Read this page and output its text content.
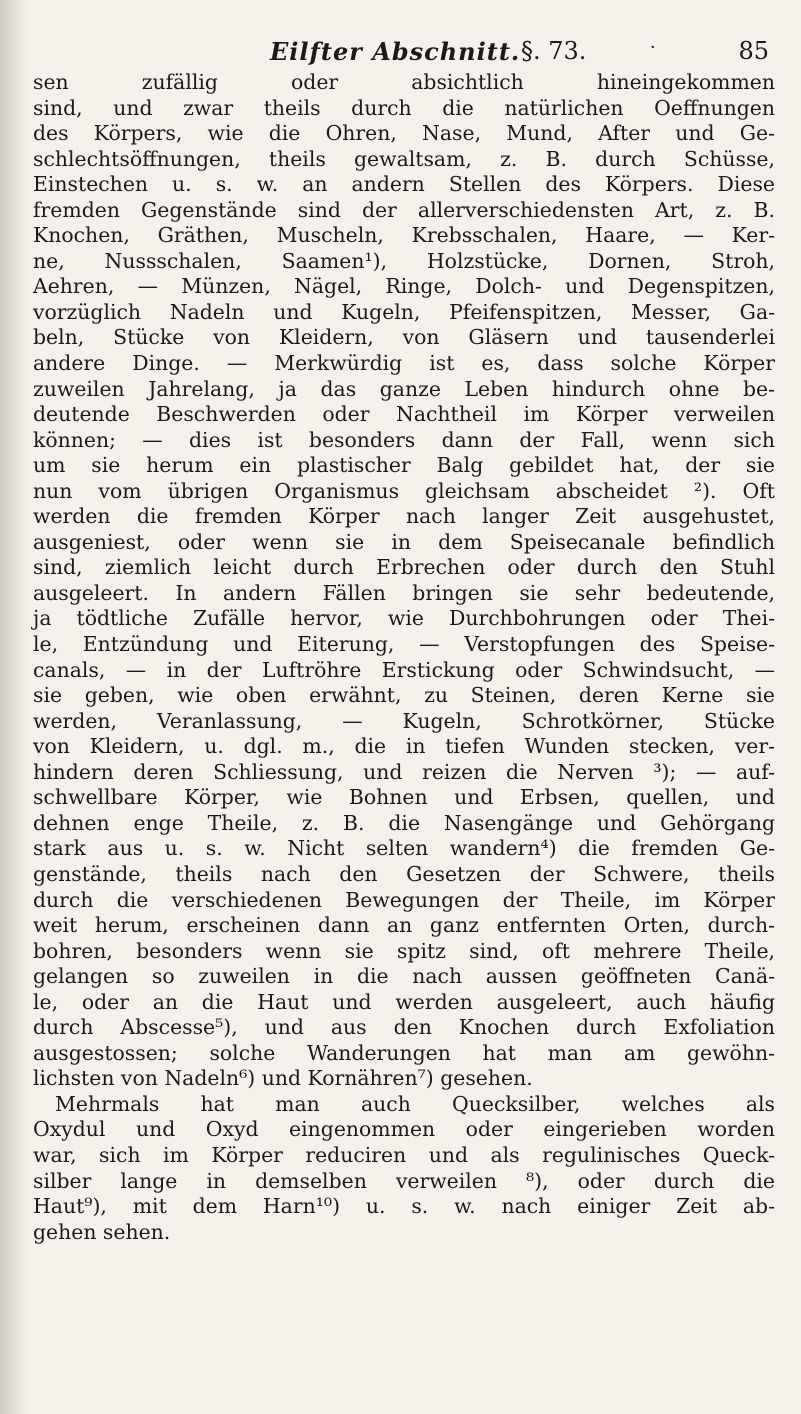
Eilfter Abschnitt. §. 73.	·	85
sen zufällig oder absichtlich hineingekommen
sind, und zwar theils durch die natürlichen Oeffnungen
des Körpers, wie die Ohren, Nase, Mund, After und Ge-
schlechtsöffnungen, theils gewaltsam, z. B. durch Schüsse,
Einstechen u. s. w. an andern Stellen des Körpers. Diese
fremden Gegenstände sind der allerverschiedensten Art, z. B.
Knochen, Gräthen, Muscheln, Krebsschalen, Haare, — Ker-
ne, Nussschalen, Saamen¹), Holzstücke, Dornen, Stroh,
Aehren, — Münzen, Nägel, Ringe, Dolch- und Degenspitzen,
vorzüglich Nadeln und Kugeln, Pfeifenspitzen, Messer, Ga-
beln, Stücke von Kleidern, von Gläsern und tausenderlei
andere Dinge. — Merkwürdig ist es, dass solche Körper
zuweilen Jahrelang, ja das ganze Leben hindurch ohne be-
deutende Beschwerden oder Nachtheil im Körper verweilen
können; — dies ist besonders dann der Fall, wenn sich
um sie herum ein plastischer Balg gebildet hat, der sie
nun vom übrigen Organismus gleichsam abscheidet ²). Oft
werden die fremden Körper nach langer Zeit ausgehustet,
ausgeniest, oder wenn sie in dem Speisecanale befindlich
sind, ziemlich leicht durch Erbrechen oder durch den Stuhl
ausgeleert. In andern Fällen bringen sie sehr bedeutende,
ja tödtliche Zufälle hervor, wie Durchbohrungen oder Thei-
le, Entzündung und Eiterung, — Verstopfungen des Speise-
canals, — in der Luftröhre Erstickung oder Schwindsucht, —
sie geben, wie oben erwähnt, zu Steinen, deren Kerne sie
werden, Veranlassung, — Kugeln, Schrotkörner, Stücke
von Kleidern, u. dgl. m., die in tiefen Wunden stecken, ver-
hindern deren Schliessung, und reizen die Nerven ³); — auf-
schwellbare Körper, wie Bohnen und Erbsen, quellen, und
dehnen enge Theile, z. B. die Nasengänge und Gehörgang
stark aus u. s. w. Nicht selten wandern⁴) die fremden Ge-
genstände, theils nach den Gesetzen der Schwere, theils
durch die verschiedenen Bewegungen der Theile, im Körper
weit herum, erscheinen dann an ganz entfernten Orten, durch-
bohren, besonders wenn sie spitz sind, oft mehrere Theile,
gelangen so zuweilen in die nach aussen geöffneten Canä-
le, oder an die Haut und werden ausgeleert, auch häufig
durch Abscesse⁵), und aus den Knochen durch Exfoliation
ausgestossen; solche Wanderungen hat man am gewöhn-
lichsten von Nadeln⁶) und Kornähren⁷) gesehen.
Mehrmals hat man auch Quecksilber, welches als
Oxydul und Oxyd eingenommen oder eingerieben worden
war, sich im Körper reduciren und als regulinisches Queck-
silber lange in demselben verweilen ⁸), oder durch die
Haut⁹), mit dem Harn¹⁰) u. s. w. nach einiger Zeit ab-
gehen sehen.
